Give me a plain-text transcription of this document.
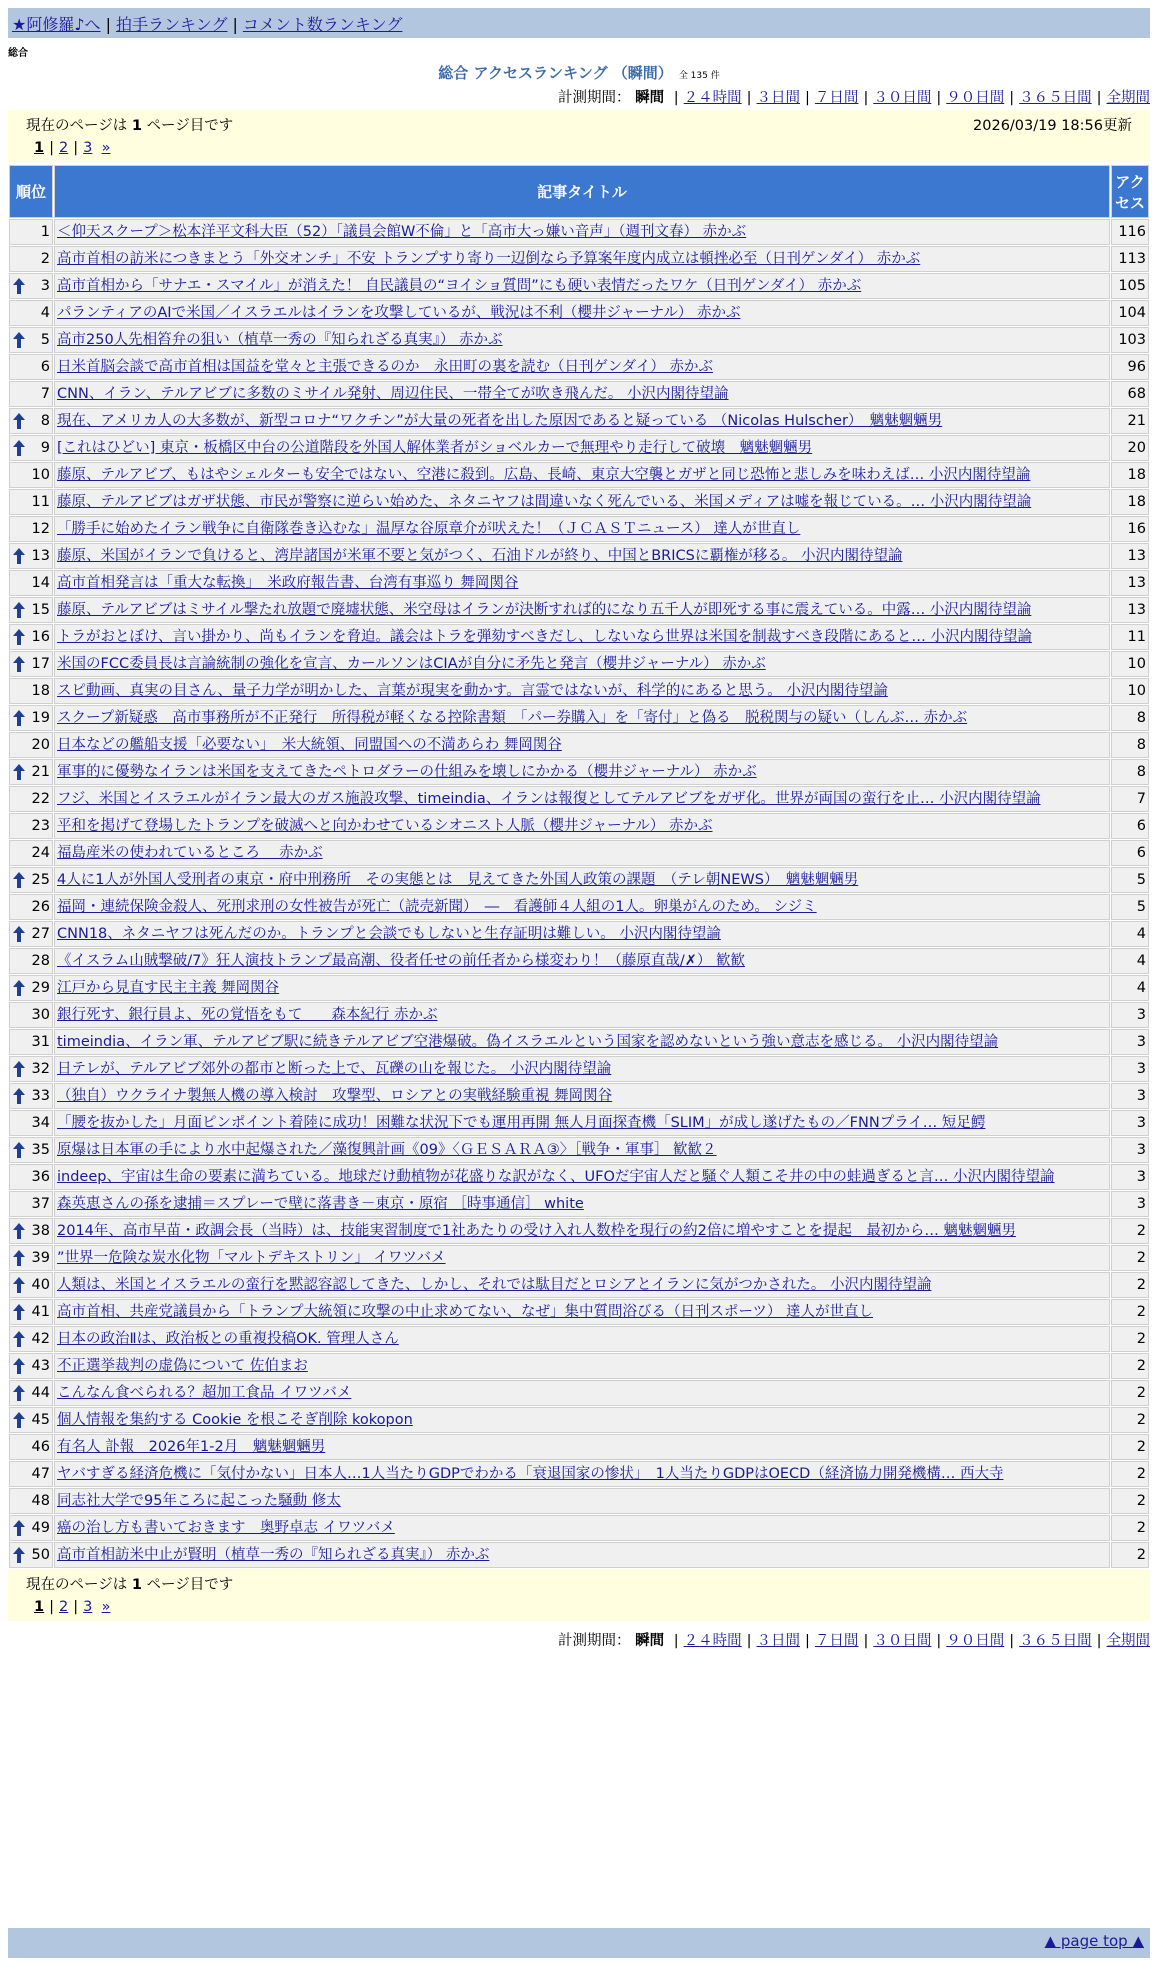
★阿修羅♪へ | 拍手ランキング | コメント数ランキング
総合
総合 アクセスランキング （瞬間） 全 135 件
計測期間： 瞬間 | ２４時間 | ３日間 | ７日間 | ３０日間 | ９０日間 | ３６５日間 | 全期間
現在のページは 1 ページ目です	2026/03/19 18:56更新
1 | 2 | 3
»
順位	記事タイトル	アクセス
1	＜仰天スクープ＞松本洋平文科大臣（52）「議員会館W不倫」と「高市大っ嫌い音声」（週刊文春） 赤かぶ	116
2	高市首相の訪米につきまとう「外交オンチ」不安 トランプすり寄り一辺倒なら予算案年度内成立は頓挫必至（日刊ゲンダイ） 赤かぶ	113

3	高市首相から「サナエ・スマイル」が消えた！ 自民議員の“ヨイショ質問”にも硬い表情だったワケ（日刊ゲンダイ） 赤かぶ	105
4	パランティアのAIで米国／イスラエルはイランを攻撃しているが、戦況は不利（櫻井ジャーナル） 赤かぶ	104

5	高市250人先相笞弁の狙い（植草一秀の『知られざる真実』） 赤かぶ	103
6	日米首脳会談で高市首相は国益を堂々と主張できるのか　永田町の裏を読む（日刊ゲンダイ） 赤かぶ	96
7	CNN、イラン、テルアビブに多数のミサイル発射、周辺住民、一帯全てが吹き飛んだ。 小沢内閣待望論	68

8	現在、アメリカ人の大多数が、新型コロナ“ワクチン”が大量の死者を出した原因であると疑っている （Nicolas Hulscher）　魑魅魍魎男	21

9	[これはひどい] 東京・板橋区中台の公道階段を外国人解体業者がショベルカーで無理やり走行して破壊　魑魅魍魎男	20
10	藤原、テルアビブ、もはやシェルターも安全ではない、空港に殺到。広島、長崎、東京大空襲とガザと同じ恐怖と悲しみを味わえば… 小沢内閣待望論	18
11	藤原、テルアビブはガザ状態、市民が警察に逆らい始めた、ネタニヤフは間違いなく死んでいる、米国メディアは嘘を報じている。… 小沢内閣待望論	18
12	「勝手に始めたイラン戦争に自衛隊巻き込むな」温厚な谷原章介が吠えた！（ＪＣＡＳＴニュース） 達人が世直し	16

13	藤原、米国がイランで負けると、湾岸諸国が米軍不要と気がつく、石油ドルが終り、中国とBRICSに覇権が移る。 小沢内閣待望論	13
14	高市首相発言は「重大な転換」　米政府報告書、台湾有事巡り 舞岡関谷	13

15	藤原、テルアビブはミサイル撃たれ放題で廃墟状態、米空母はイランが決断すれば的になり五千人が即死する事に震えている。中露… 小沢内閣待望論	13

16	トラがおとぼけ、言い掛かり、尚もイランを脅迫。議会はトラを弾劾すべきだし、しないなら世界は米国を制裁すべき段階にあると… 小沢内閣待望論	11

17	米国のFCC委員長は言論統制の強化を宣言、カールソンはCIAが自分に矛先と発言（櫻井ジャーナル） 赤かぶ	10
18	スピ動画、真実の目さん、量子力学が明かした、言葉が現実を動かす。言霊ではないが、科学的にあると思う。 小沢内閣待望論	10

19	スクープ新疑惑　高市事務所が不正発行　所得税が軽くなる控除書類　「パー券購入」を「寄付」と偽る　脱税関与の疑い（しんぶ… 赤かぶ	8
20	日本などの艦船支援「必要ない」　米大統領、同盟国への不満あらわ 舞岡関谷	8

21	軍事的に優勢なイランは米国を支えてきたペトロダラーの仕組みを壊しにかかる（櫻井ジャーナル） 赤かぶ	8
22	フジ、米国とイスラエルがイラン最大のガス施設攻撃、timeindia、イランは報復としてテルアビブをガザ化。世界が両国の蛮行を止… 小沢内閣待望論	7
23	平和を掲げて登場したトランプを破滅へと向かわせているシオニスト人脈（櫻井ジャーナル） 赤かぶ	6
24	福島産米の使われているところ　 赤かぶ	6

25	4人に1人が外国人受刑者の東京・府中刑務所　その実態とは　見えてきた外国人政策の課題　（テレ朝NEWS）　魑魅魍魎男	5
26	福岡・連続保険金殺人、死刑求刑の女性被告が死亡（読売新聞）　―　看護師４人組の1人。卵巣がんのため。 シジミ	5

27	CNN18、ネタニヤフは死んだのか。トランプと会談でもしないと生存証明は難しい。 小沢内閣待望論	4
28	《イスラム山賊撃破/7》狂人演技トランプ最高潮、役者任せの前任者から様変わり！（藤原直哉/✗） 歓歓	4

29	江戸から見直す民主主義 舞岡関谷	4
30	銀行死す、銀行員よ、死の覚悟をもて　　森本紀行 赤かぶ	3
31	timeindia、イラン軍、テルアビブ駅に続きテルアビブ空港爆破。偽イスラエルという国家を認めないという強い意志を感じる。 小沢内閣待望論	3

32	日テレが、テルアビブ郊外の都市と断った上で、瓦礫の山を報じた。 小沢内閣待望論	3

33	（独自）ウクライナ製無人機の導入検討　攻撃型、ロシアとの実戦経験重視 舞岡関谷	3
34	「腰を抜かした」月面ピンポイント着陸に成功！困難な状況下でも運用再開 無人月面探査機「SLIM」が成し遂げたもの／FNNプライ… 短足鰐	3

35	原爆は日本軍の手により水中起爆された／藻復興計画《09》〈ＧＥＳＡＲＡ③〉［戦争・軍事］ 歓歓２	3
36	indeep、宇宙は生命の要素に満ちている。地球だけ動植物が花盛りな訳がなく、UFOだ宇宙人だと騒ぐ人類こそ井の中の蛙過ぎると言… 小沢内閣待望論	3
37	森英恵さんの孫を逮捕＝スプレーで壁に落書き－東京・原宿 ［時事通信］ white	3

38	2014年、高市早苗・政調会長（当時）は、技能実習制度で1社あたりの受け入れ人数枠を現行の約2倍に増やすことを提起　最初から… 魑魅魍魎男	2

39	”世界一危険な炭水化物「マルトデキストリン」 イワツバメ	2

40	人類は、米国とイスラエルの蛮行を黙認容認してきた、しかし、それでは駄目だとロシアとイランに気がつかされた。 小沢内閣待望論	2

41	高市首相、共産党議員から「トランプ大統領に攻撃の中止求めてない、なぜ」集中質問浴びる（日刊スポーツ） 達人が世直し	2

42	日本の政治Ⅱは、政治板との重複投稿OK. 管理人さん	2

43	不正選挙裁判の虚偽について 佐伯まお	2

44	こんなん食べられる？超加工食品 イワツバメ	2

45	個人情報を集約する Cookie を根こそぎ削除 kokopon	2
46	有名人 訃報　2026年1-2月　魑魅魍魎男	2
47	ヤバすぎる経済危機に「気付かない」日本人…1人当たりGDPでわかる「衰退国家の惨状」　1人当たりGDPはOECD（経済協力開発機構… 西大寺	2
48	同志社大学で95年ころに起こった騒動 修太	2

49	癌の治し方も書いておきます　奥野卓志 イワツバメ	2

50	高市首相訪米中止が賢明（植草一秀の『知られざる真実』） 赤かぶ	2
現在のページは 1 ページ目です
1 | 2 | 3
»
計測期間： 瞬間 | ２４時間 | ３日間 | ７日間 | ３０日間 | ９０日間 | ３６５日間 | 全期間
▲ page top ▲
